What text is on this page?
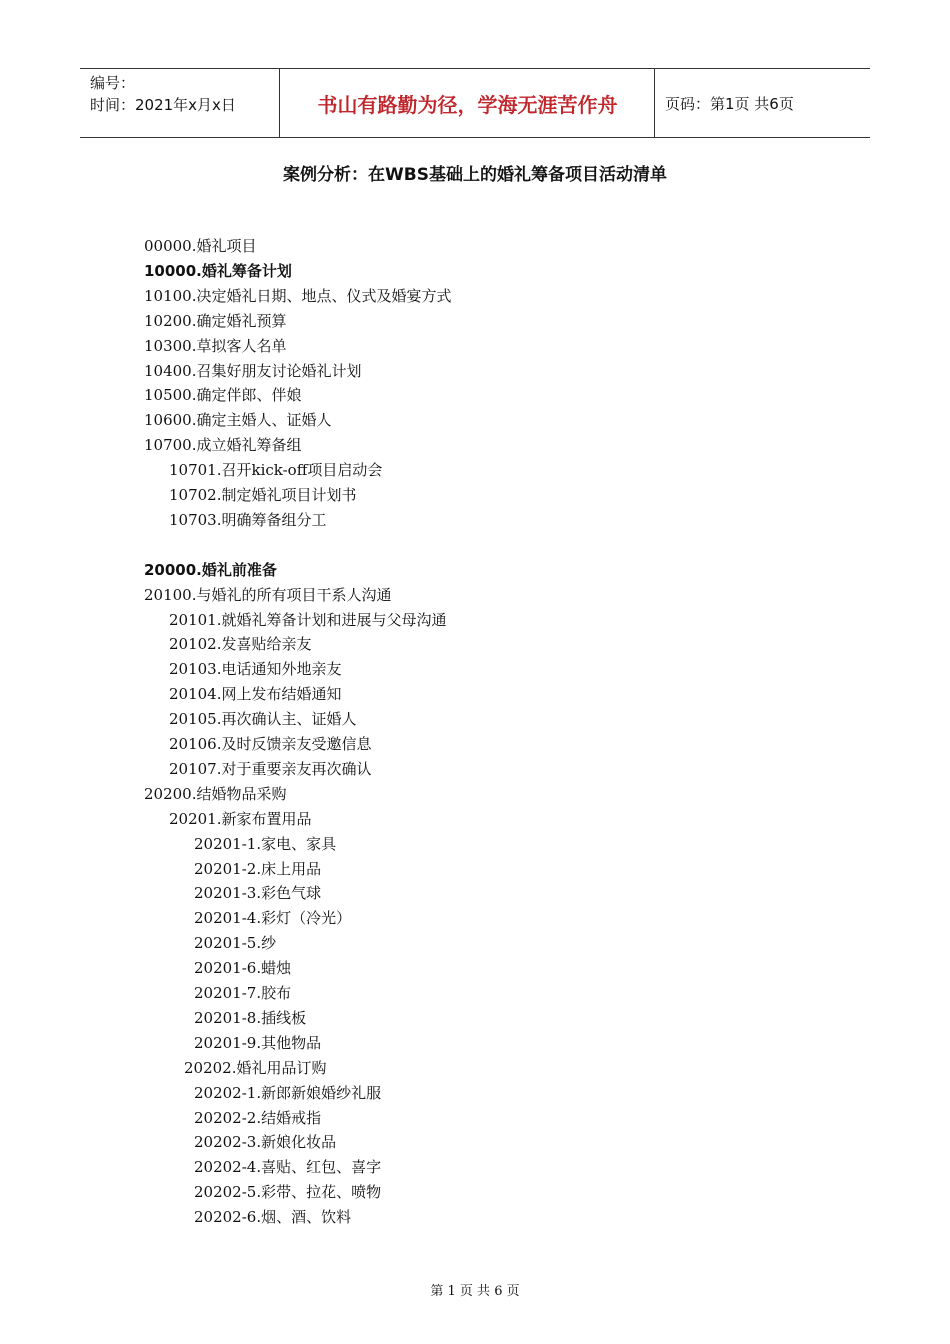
编号：
时间：2021年x月x日	书山有路勤为径，学海无涯苦作舟	页码：第1页 共6页
案例分析：在WBS基础上的婚礼筹备项目活动清单
00000.婚礼项目
10000.婚礼筹备计划
10100.决定婚礼日期、地点、仪式及婚宴方式
10200.确定婚礼预算
10300.草拟客人名单
10400.召集好朋友讨论婚礼计划
10500.确定伴郎、伴娘
10600.确定主婚人、证婚人
10700.成立婚礼筹备组
10701.召开kick-off项目启动会
10702.制定婚礼项目计划书
10703.明确筹备组分工
20000.婚礼前准备
20100.与婚礼的所有项目干系人沟通
20101.就婚礼筹备计划和进展与父母沟通
20102.发喜贴给亲友
20103.电话通知外地亲友
20104.网上发布结婚通知
20105.再次确认主、证婚人
20106.及时反馈亲友受邀信息
20107.对于重要亲友再次确认
20200.结婚物品采购
20201.新家布置用品
20201-1.家电、家具
20201-2.床上用品
20201-3.彩色气球
20201-4.彩灯（冷光）
20201-5.纱
20201-6.蜡烛
20201-7.胶布
20201-8.插线板
20201-9.其他物品
20202.婚礼用品订购
20202-1.新郎新娘婚纱礼服
20202-2.结婚戒指
20202-3.新娘化妆品
20202-4.喜贴、红包、喜字
20202-5.彩带、拉花、喷物
20202-6.烟、酒、饮料
第 1 页 共 6 页
